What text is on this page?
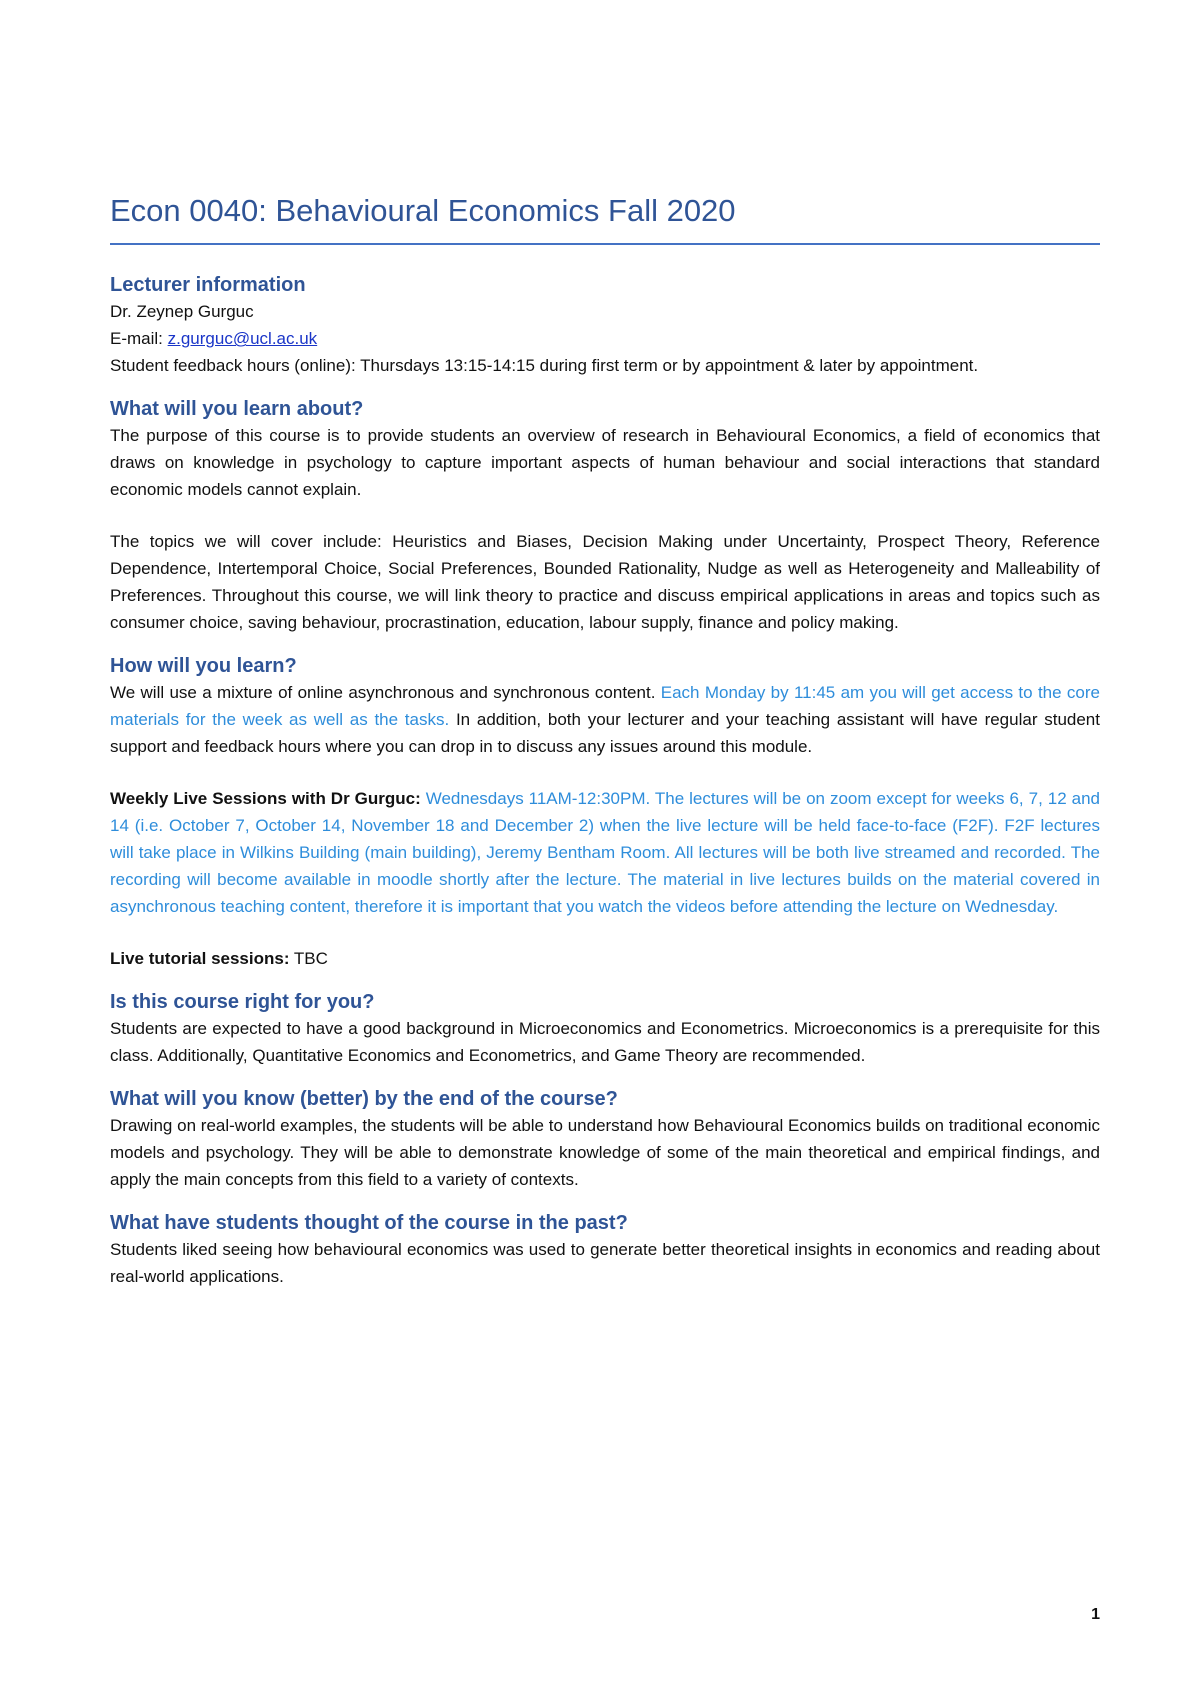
Econ 0040: Behavioural Economics Fall 2020
Lecturer information
Dr. Zeynep Gurguc
E-mail: z.gurguc@ucl.ac.uk

Student feedback hours (online): Thursdays 13:15-14:15 during first term or by appointment & later by appointment.

What will you learn about?

The purpose of this course is to provide students an overview of research in Behavioural Economics, a field of economics that draws on knowledge in psychology to capture important aspects of human behaviour and social interactions that standard economic models cannot explain.

The topics we will cover include: Heuristics and Biases, Decision Making under Uncertainty, Prospect Theory, Reference Dependence, Intertemporal Choice, Social Preferences, Bounded Rationality, Nudge as well as Heterogeneity and Malleability of Preferences. Throughout this course, we will link theory to practice and discuss empirical applications in areas and topics such as consumer choice, saving behaviour, procrastination, education, labour supply, finance and policy making.

How will you learn?

We will use a mixture of online asynchronous and synchronous content. Each Monday by 11:45 am you will get access to the core materials for the week as well as the tasks. In addition, both your lecturer and your teaching assistant will have regular student support and feedback hours where you can drop in to discuss any issues around this module.

Weekly Live Sessions with Dr Gurguc: Wednesdays 11AM-12:30PM. The lectures will be on zoom except for weeks 6, 7, 12 and 14 (i.e. October 7, October 14, November 18 and December 2) when the live lecture will be held face-to-face (F2F). F2F lectures will take place in Wilkins Building (main building), Jeremy Bentham Room. All lectures will be both live streamed and recorded. The recording will become available in moodle shortly after the lecture. The material in live lectures builds on the material covered in asynchronous teaching content, therefore it is important that you watch the videos before attending the lecture on Wednesday.

Live tutorial sessions: TBC

Is this course right for you?

Students are expected to have a good background in Microeconomics and Econometrics. Microeconomics is a prerequisite for this class. Additionally, Quantitative Economics and Econometrics, and Game Theory are recommended.

What will you know (better) by the end of the course?

Drawing on real-world examples, the students will be able to understand how Behavioural Economics builds on traditional economic models and psychology. They will be able to demonstrate knowledge of some of the main theoretical and empirical findings, and apply the main concepts from this field to a variety of contexts.

What have students thought of the course in the past?

Students liked seeing how behavioural economics was used to generate better theoretical insights in economics and reading about real-world applications.

1
